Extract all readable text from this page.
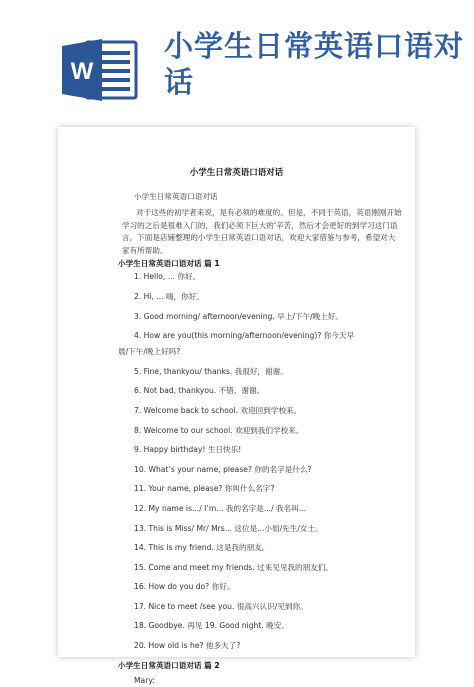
W
小学生日常英语口语对话
小学生日常英语口语对话

小学生日常英语口语对话

对于这些的初学者来说，是有必须的难度的。但是，不同于英语，英语刚刚开始学习的之后是很难入门的，我们必须下巨大的'辛苦，然后才会更好的到学习这门语言。下面是店铺整理的小学生日常英语口语对话，欢迎大家借鉴与参考，希望对大家有所帮助。

小学生日常英语口语对话 篇 1

1. Hello, ... 你好。

2. Hi, ... 嗨，你好。

3. Good morning/ afternoon/evening. 早上/下午/晚上好。

4. How are you(this morning/afternoon/evening)? 你今天早

晨/下午/晚上好吗?

5. Fine, thankyou/ thanks. 我很好，谢谢。

6. Not bad, thankyou. 不错，谢谢。

7. Welcome back to school. 欢迎回到学校来。

8. Welcome to our school. 欢迎到我们学校来。

9. Happy birthday! 生日快乐!

10. What’s your name, please? 你的名字是什么?

11. Your name, please? 你叫什么名字?

12. My name is.../ I’m... 我的名字是.../ 我名叫...

13. This is Miss/ Mr/ Mrs... 这位是...小姐/先生/女士。

14. This is my friend. 这是我的朋友。

15. Come and meet my friends. 过来见见我的朋友们。

16. How do you do? 你好。

17. Nice to meet /see you. 很高兴认识/见到你。

18. Goodbye. 再见 19. Good night. 晚安。

20. How old is he? 他多大了?

小学生日常英语口语对话 篇 2

Mary:
